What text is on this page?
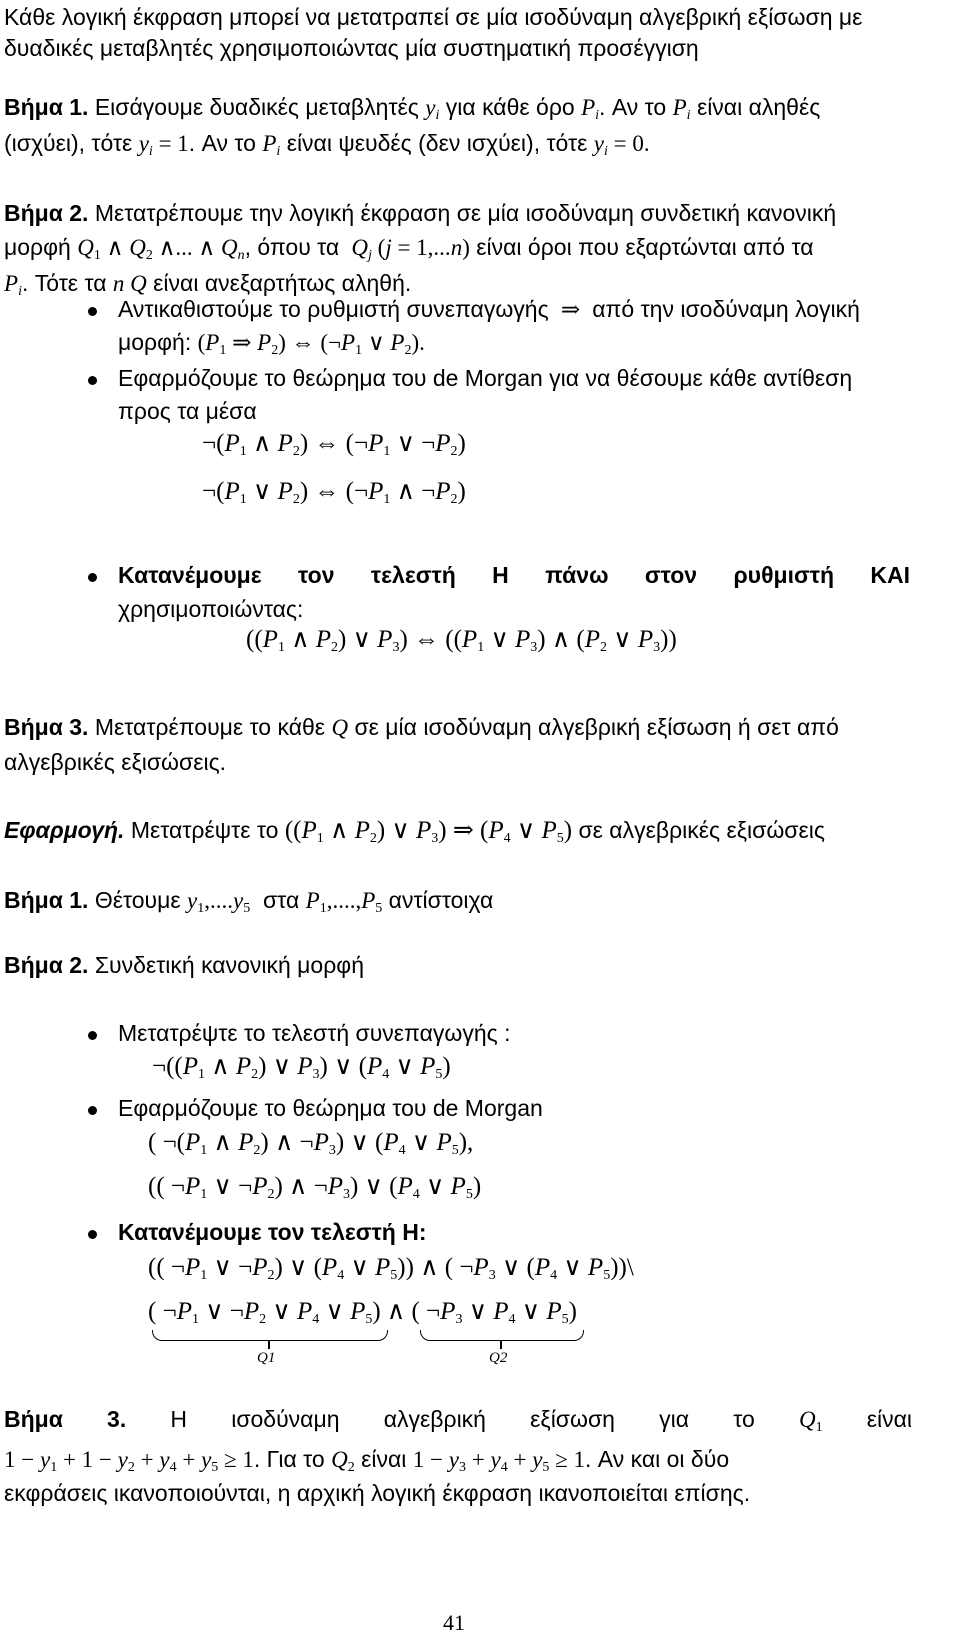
Κάθε λογική έκφραση μπορεί να μετατραπεί σε μία ισοδύναμη αλγεβρική εξίσωση με
δυαδικές μεταβλητές χρησιμοποιώντας μία συστηματική προσέγγιση
Βήμα 1. Εισάγουμε δυαδικές μεταβλητές $y_i$ για κάθε όρο $P_i$. Αν το $P_i$ είναι αληθές
(ισχύει), τότε $y_i = 1$. Αν το $P_i$ είναι ψευδές (δεν ισχύει), τότε $y_i = 0$.
Βήμα 2. Μετατρέπουμε την λογική έκφραση σε μία ισοδύναμη συνδετική κανονική
μορφή $Q_1$ ∧ $Q_2$ ∧... ∧ $Q_n$, όπου τα $Q_j$ (j = 1,...n) είναι όροι που εξαρτώνται από τα
$P_i$. Τότε τα n Q είναι ανεξαρτήτως αληθή.
Αντικαθιστούμε το ρυθμιστή συνεπαγωγής  ⇒  από την ισοδύναμη λογική
μορφή: ($P_1$ ⇒ $P_2$) ⇔ ($\neg P_1$ ∨ $P_2$).
Εφαρμόζουμε το θεώρημα του de Morgan για να θέσουμε κάθε αντίθεση
προς τα μέσα
$\neg(P_1$ ∧ $P_2$) ⇔ ($\neg P_1$ ∨ $\neg P_2$)
$\neg(P_1$ ∨ $P_2$) ⇔ ($\neg P_1$ ∧ $\neg P_2$)
Κατανέμουμε τον τελεστή Η πάνω στον ρυθμιστή ΚΑΙ
χρησιμοποιώντας:
(($P_1$ ∧ $P_2$) ∨ $P_3$) ⇔ (($P_1$ ∨ $P_3$) ∧ ($P_2$ ∨ $P_3$))
Βήμα 3. Μετατρέπουμε το κάθε Q σε μία ισοδύναμη αλγεβρική εξίσωση ή σετ από
αλγεβρικές εξισώσεις.
Εφαρμογή. Μετατρέψτε το (($P_1$ ∧ $P_2$) ∨ $P_3$) ⇒ ($P_4$ ∨ $P_5$) σε αλγεβρικές εξισώσεις
Βήμα 1. Θέτουμε $y_1,....y_5$ στα $P_1,....,P_5$ αντίστοιχα
Βήμα 2. Συνδετική κανονική μορφή
Μετατρέψτε το τελεστή συνεπαγωγής :
$\neg((P_1$ ∧ $P_2$) ∨ $P_3$) ∨ ($P_4$ ∨ $P_5$)
Εφαρμόζουμε το θεώρημα του de Morgan
( $\neg(P_1$ ∧ $P_2$) ∧ $\neg P_3$) ∨ ($P_4$ ∨ $P_5$),
(( $\neg P_1$ ∨ $\neg P_2$) ∧ $\neg P_3$) ∨ ($P_4$ ∨ $P_5$)
Κατανέμουμε τον τελεστή Η:
(( $\neg P_1$ ∨ $\neg P_2$) ∨ ($P_4$ ∨ $P_5$)) ∧ ( $\neg P_3$ ∨ ($P_4$ ∨ $P_5))\backslash$
( $\neg P_1$ ∨ $\neg P_2$ ∨ $P_4$ ∨ $P_5$) ∧ ( $\neg P_3$ ∨ $P_4$ ∨ $P_5$)
Q1	Q2
Βήμα 3. Η ισοδύναμη αλγεβρική εξίσωση για το $Q_1$ είναι
$1 - y_1 + 1 - y_2 + y_4 + y_5 \ge 1$. Για το $Q_2$ είναι $1 - y_3 + y_4 + y_5 \ge 1$. Αν και οι δύο
εκφράσεις ικανοποιούνται, η αρχική λογική έκφραση ικανοποιείται επίσης.
41
